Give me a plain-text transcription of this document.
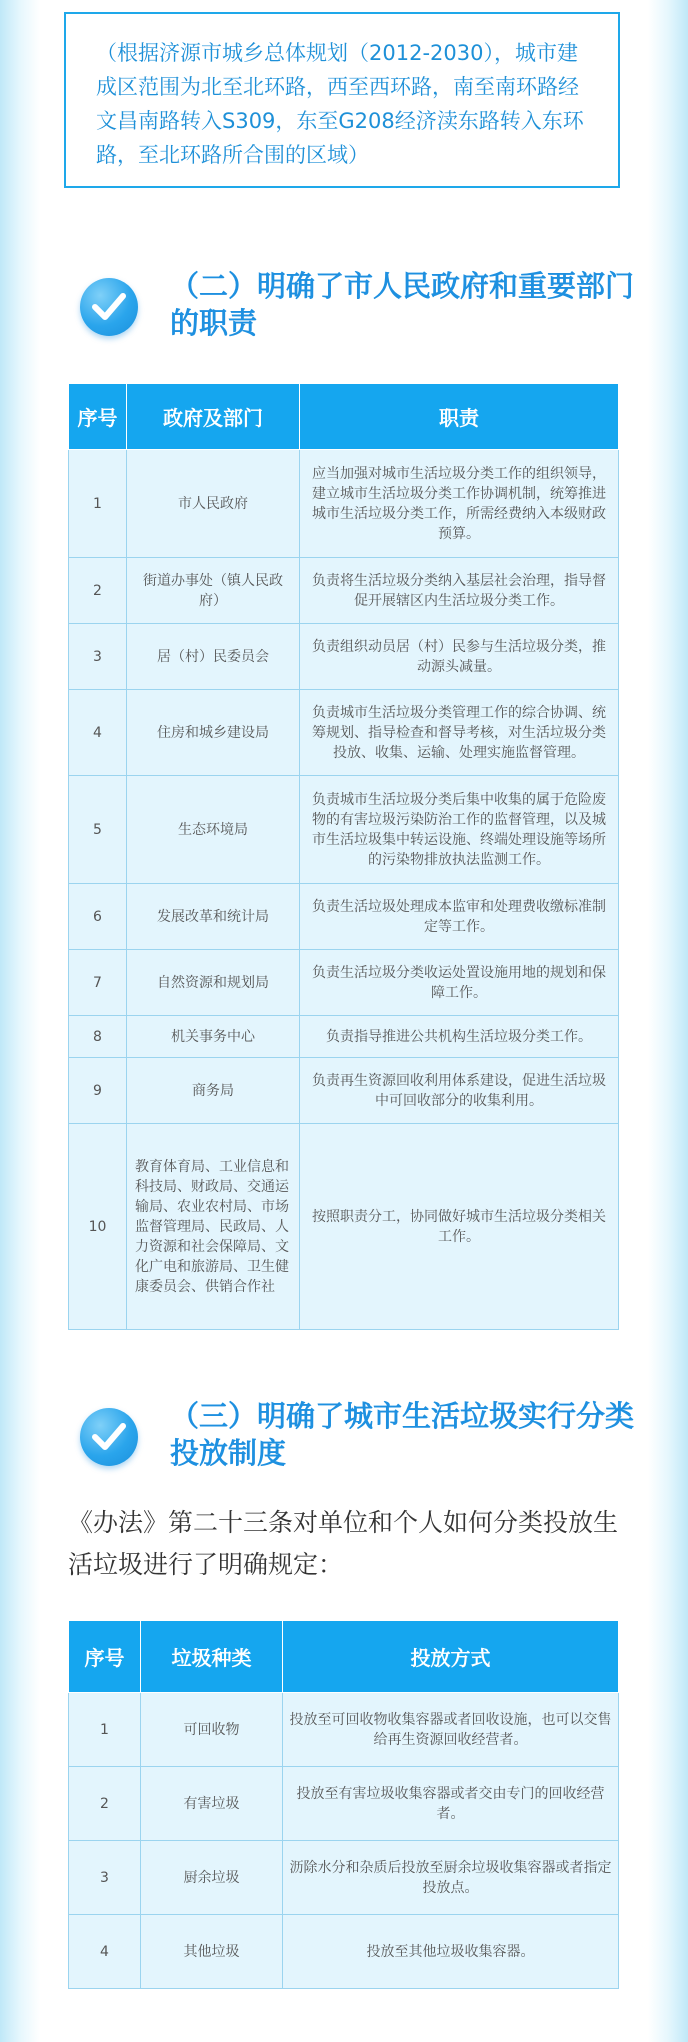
（根据济源市城乡总体规划（2012-2030），城市建成区范围为北至北环路，西至西环路，南至南环路经文昌南路转入S309，东至G208经济渎东路转入东环路，至北环路所合围的区域）
（二）明确了市人民政府和重要部门的职责
序号	政府及部门	职责
1	市人民政府	应当加强对城市生活垃圾分类工作的组织领导，建立城市生活垃圾分类工作协调机制，统筹推进城市生活垃圾分类工作，所需经费纳入本级财政预算。
2	街道办事处（镇人民政府）	负责将生活垃圾分类纳入基层社会治理，指导督促开展辖区内生活垃圾分类工作。
3	居（村）民委员会	负责组织动员居（村）民参与生活垃圾分类，推动源头减量。
4	住房和城乡建设局	负责城市生活垃圾分类管理工作的综合协调、统筹规划、指导检查和督导考核，对生活垃圾分类投放、收集、运输、处理实施监督管理。
5	生态环境局	负责城市生活垃圾分类后集中收集的属于危险废物的有害垃圾污染防治工作的监督管理，以及城市生活垃圾集中转运设施、终端处理设施等场所的污染物排放执法监测工作。
6	发展改革和统计局	负责生活垃圾处理成本监审和处理费收缴标准制定等工作。
7	自然资源和规划局	负责生活垃圾分类收运处置设施用地的规划和保障工作。
8	机关事务中心	负责指导推进公共机构生活垃圾分类工作。
9	商务局	负责再生资源回收利用体系建设，促进生活垃圾中可回收部分的收集利用。
10	教育体育局、工业信息和科技局、财政局、交通运输局、农业农村局、市场监督管理局、民政局、人力资源和社会保障局、文化广电和旅游局、卫生健康委员会、供销合作社	按照职责分工，协同做好城市生活垃圾分类相关工作。
（三）明确了城市生活垃圾实行分类投放制度
《办法》第二十三条对单位和个人如何分类投放生活垃圾进行了明确规定：
序号	垃圾种类	投放方式
1	可回收物	投放至可回收物收集容器或者回收设施，也可以交售给再生资源回收经营者。
2	有害垃圾	投放至有害垃圾收集容器或者交由专门的回收经营者。
3	厨余垃圾	沥除水分和杂质后投放至厨余垃圾收集容器或者指定投放点。
4	其他垃圾	投放至其他垃圾收集容器。
